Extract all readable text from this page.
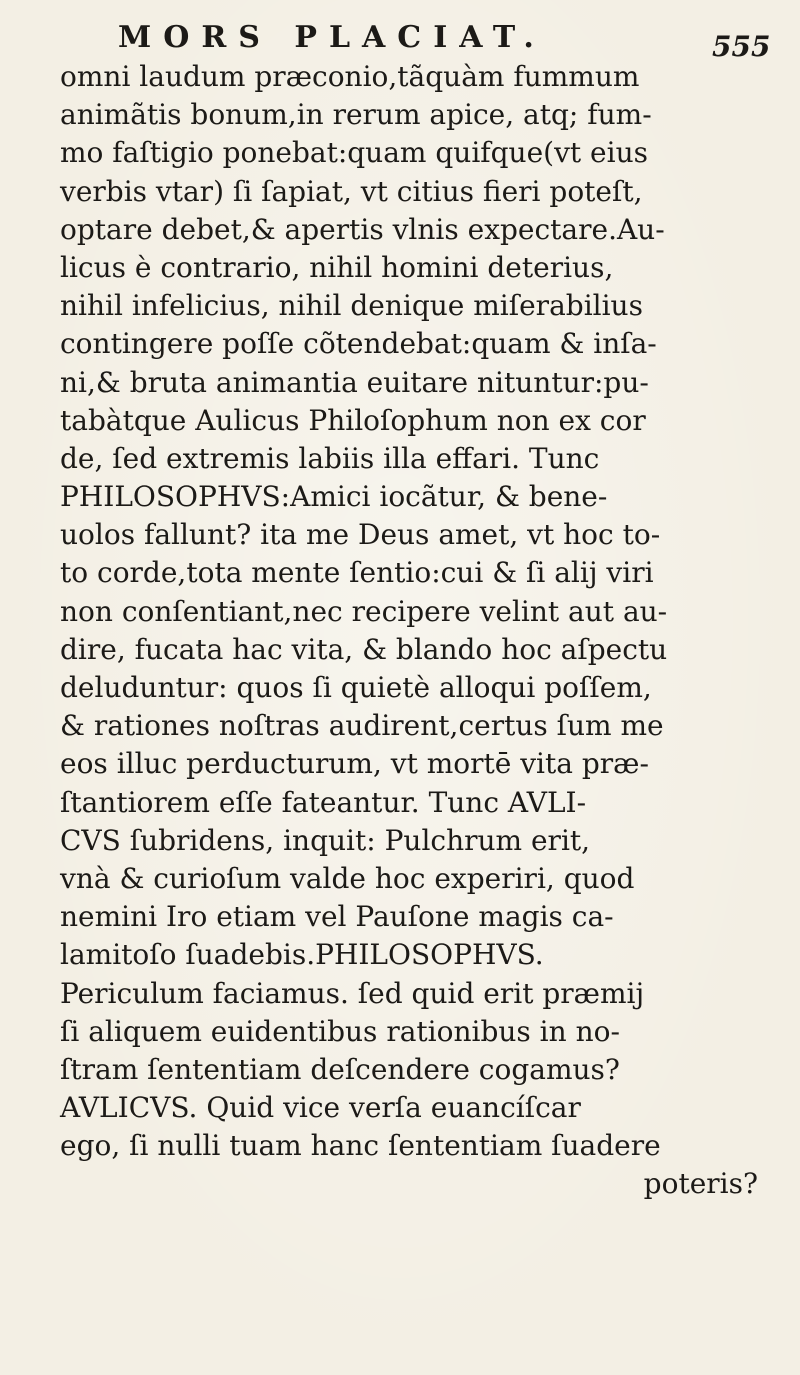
MORS PLACIAT.	555
omni laudum præconio,tãquàm fummum
animãtis bonum,in rerum apice, atq; fum-
mo faſtigio ponebat:quam quifque(vt eius
verbis vtar) ſi ſapiat, vt citius fieri poteſt,
optare debet,& apertis vlnis expectare.Au-
licus è contrario, nihil homini deterius,
nihil infelicius, nihil denique miſerabilius
contingere poſſe cõtendebat:quam & inſa-
ni,& bruta animantia euitare nituntur:pu-
tabàtque Aulicus Philoſophum non ex cor
de, ſed extremis labiis illa effari. Tunc
PHILOSOPHVS:Amici iocãtur, & bene-
uolos fallunt? ita me Deus amet, vt hoc to-
to corde,tota mente ſentio:cui & ſi alij viri
non conſentiant,nec recipere velint aut au-
dire, fucata hac vita, & blando hoc aſpectu
deluduntur: quos ſi quietè alloqui poſſem,
& rationes noſtras audirent,certus ſum me
eos illuc perducturum, vt mortē vita præ-
ſtantiorem eſſe fateantur. Tunc AVLI-
CVS ſubridens, inquit: Pulchrum erit,
vnà & curioſum valde hoc experiri, quod
nemini Iro etiam vel Pauſone magis ca-
lamitoſo ſuadebis.PHILOSOPHVS.
Periculum faciamus. ſed quid erit præmij
ſi aliquem euidentibus rationibus in no-
ſtram ſententiam deſcendere cogamus?
AVLICVS. Quid vice verſa euancíſcar
ego, ſi nulli tuam hanc ſententiam ſuadere
poteris?
